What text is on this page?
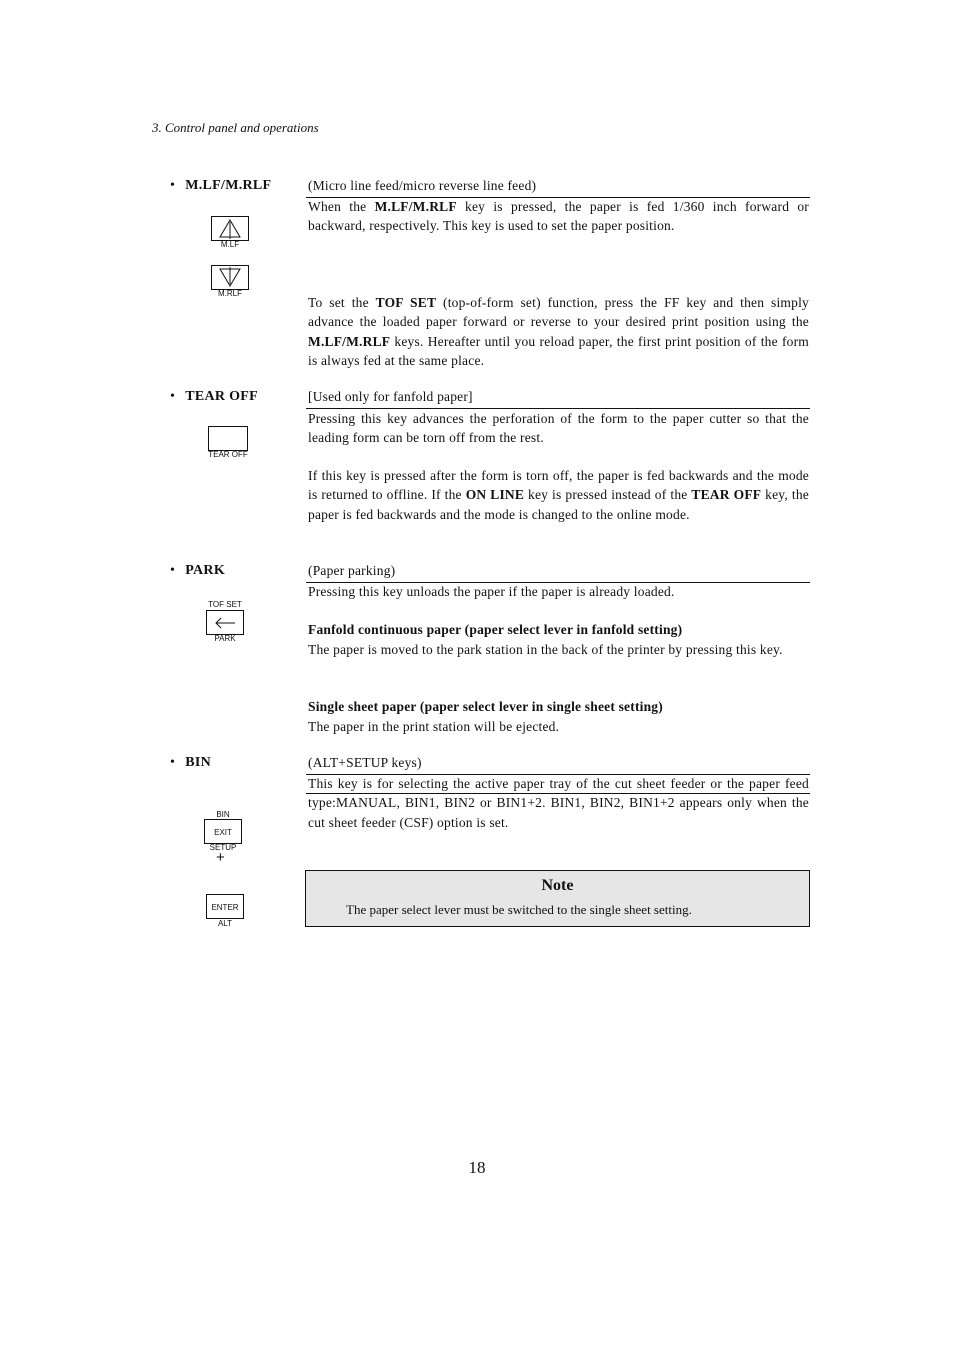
3. Control panel and operations
• M.LF/M.RLF	(Micro line feed/micro reverse line feed)
M.LF
M.RLF
When the M.LF/M.RLF key is pressed, the paper is fed 1/360 inch forward or backward, respectively. This key is used to set the paper position.
To set the TOF SET (top-of-form set) function, press the FF key and then simply advance the loaded paper forward or reverse to your desired print position using the M.LF/M.RLF keys. Hereafter until you reload paper, the first print position of the form is always fed at the same place.
• TEAR OFF	[Used only for fanfold paper]
TEAR OFF
Pressing this key advances the perforation of the form to the paper cutter so that the leading form can be torn off from the rest.
If this key is pressed after the form is torn off, the paper is fed backwards and the mode is returned to offline. If the ON LINE key is pressed instead of the TEAR OFF key, the paper is fed backwards and the mode is changed to the online mode.
• PARK	(Paper parking)
TOF SET
PARK
Pressing this key unloads the paper if the paper is already loaded.
Fanfold continuous paper (paper select lever in fanfold setting)
The paper is moved to the park station in the back of the printer by pressing this key.
Single sheet paper (paper select lever in single sheet setting)
The paper in the print station will be ejected.
• BIN	(ALT+SETUP keys)
BIN
EXIT
SETUP
+
ENTER
ALT
This key is for selecting the active paper tray of the cut sheet feeder or the paper feed type:MANUAL, BIN1, BIN2 or BIN1+2. BIN1, BIN2, BIN1+2 appears only when the cut sheet feeder (CSF) option is set.
Note
The paper select lever must be switched to the single sheet setting.
18
